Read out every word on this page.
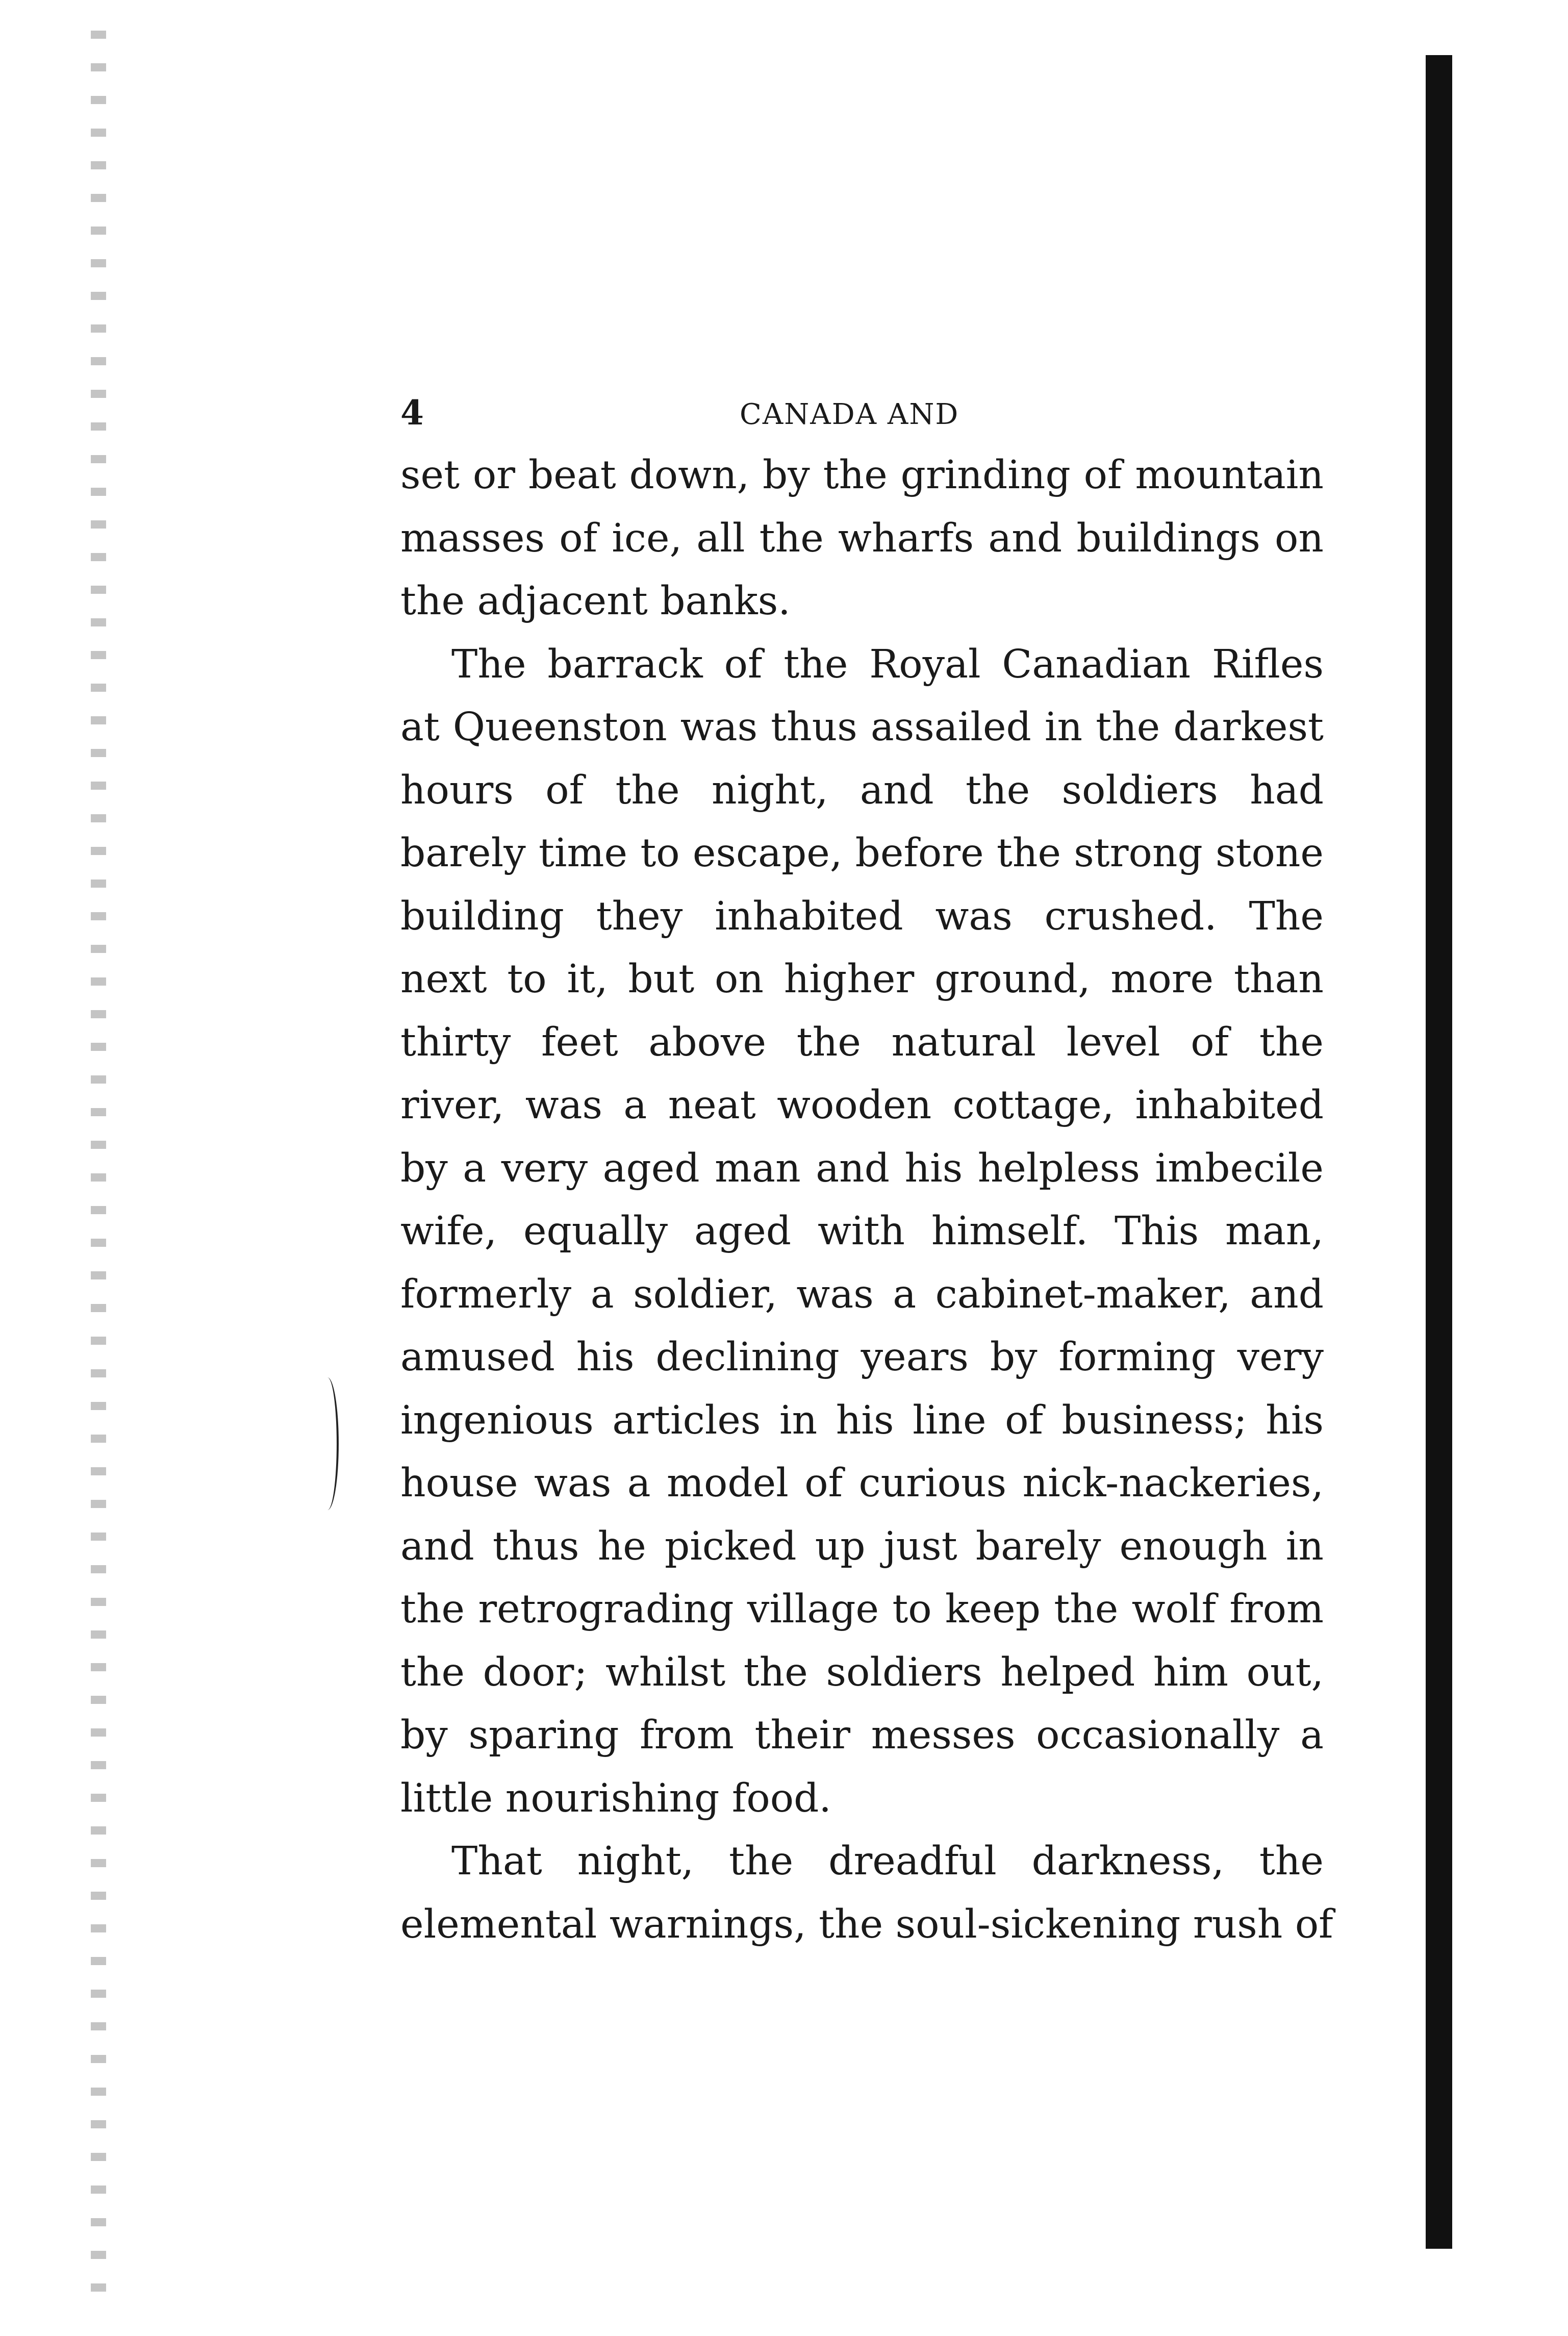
4	CANADA AND
set or beat down, by the grinding of mountain
masses of ice, all the wharfs and buildings on
the adjacent banks.
The barrack of the Royal Canadian Rifles
at Queenston was thus assailed in the darkest
hours of the night, and the soldiers had
barely time to escape, before the strong stone
building they inhabited was crushed. The
next to it, but on higher ground, more than
thirty feet above the natural level of the
river, was a neat wooden cottage, inhabited
by a very aged man and his helpless imbecile
wife, equally aged with himself. This man,
formerly a soldier, was a cabinet-maker, and
amused his declining years by forming very
ingenious articles in his line of business; his
house was a model of curious nick-nackeries,
and thus he picked up just barely enough in
the retrograding village to keep the wolf from
the door; whilst the soldiers helped him out,
by sparing from their messes occasionally a
little nourishing food.
That night, the dreadful darkness, the
elemental warnings, the soul-sickening rush of
